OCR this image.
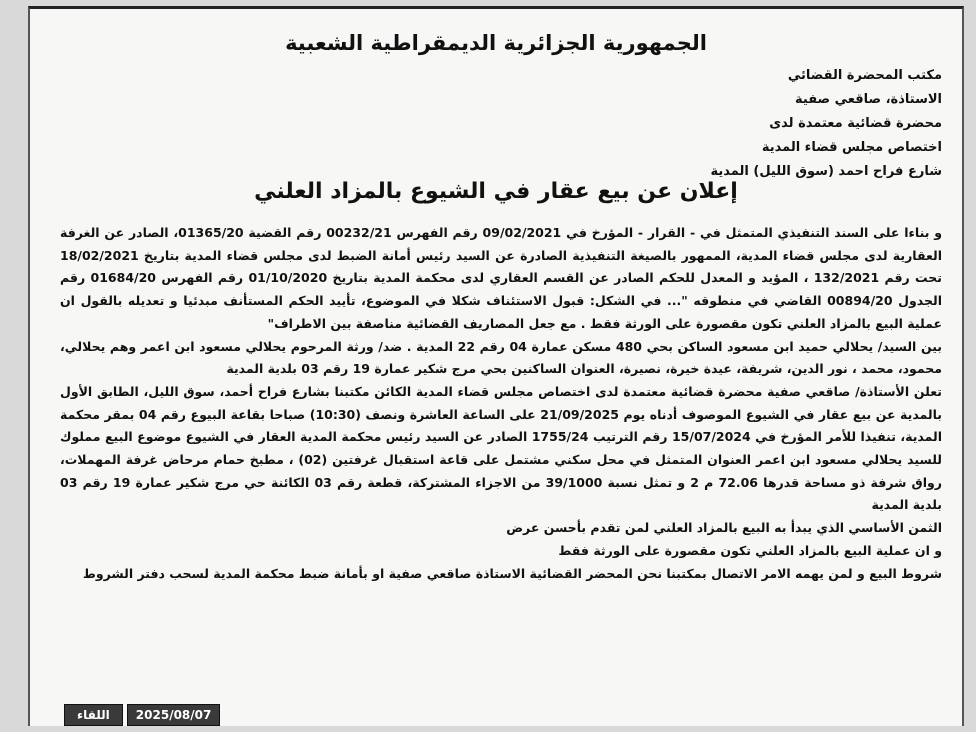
الجمهورية الجزائرية الديمقراطية الشعبية
مكتب المحضرة القضائي
الاستاذة، صاقعي صفية
محضرة قضائية معتمدة لدى
اختصاص مجلس قضاء المدية
شارع فراح احمد (سوق الليل) المدية
إعلان عن بيع عقار في الشيوع بالمزاد العلني

و بناءا على السند التنفيذي المتمثل في - القرار - المؤرخ في 09/02/2021 رقم الفهرس 00232/21 رقم القضية 01365/20، الصادر عن الغرفة العقارية لدى مجلس قضاء المدية، الممهور بالصيغة التنفيذية الصادرة عن السيد رئيس أمانة الضبط لدى مجلس قضاء المدية بتاريخ 18/02/2021 تحت رقم 132/2021 ، المؤيد و المعدل للحكم الصادر عن القسم العقاري لدى محكمة المدية بتاريخ 01/10/2020 رقم الفهرس 01684/20 رقم الجدول 00894/20 القاضي في منطوقه "... في الشكل: قبول الاستئناف شكلا في الموضوع، تأييد الحكم المستأنف مبدئيا و تعديله بالقول ان عملية البيع بالمزاد العلني تكون مقصورة على الورثة فقط . مع جعل المصاريف القضائية مناصفة بين الاطراف"

بين السيد/ يحلالي حميد ابن مسعود الساكن بحي 480 مسكن عمارة 04 رقم 22 المدية . ضد/ ورثة المرحوم يحلالي مسعود ابن اعمر وهم يحلالي، محمود، محمد ، نور الدين، شريفة، عيدة خيرة، نصيرة، العنوان الساكنين بحي مرج شكير عمارة 19 رقم 03 بلدية المدية

تعلن الأستاذة/ صاقعي صفية محضرة قضائية معتمدة لدى اختصاص مجلس قضاء المدية الكائن مكتبنا بشارع فراح أحمد، سوق الليل، الطابق الأول بالمدية عن بيع عقار في الشيوع الموصوف أدناه يوم 21/09/2025 على الساعة العاشرة ونصف (10:30) صباحا بقاعة البيوع رقم 04 بمقر محكمة المدية، تنفيذا للأمر المؤرخ في 15/07/2024 رقم الترتيب 1755/24 الصادر عن السيد رئيس محكمة المدية العقار في الشيوع موضوع البيع مملوك للسيد يحلالي مسعود ابن اعمر العنوان المتمثل في محل سكني مشتمل على قاعة استقبال غرفتين (02) ، مطبخ حمام مرحاض غرفة المهملات، رواق شرفة ذو مساحة قدرها 72.06 م 2 و تمثل نسبة 39/1000 من الاجزاء المشتركة، قطعة رقم 03 الكائنة حي مرج شكير عمارة 19 رقم 03 بلدية المدية

الثمن الأساسي الذي يبدأ به البيع بالمزاد العلني لمن تقدم بأحسن عرض

و ان عملية البيع بالمزاد العلني تكون مقصورة على الورثة فقط

شروط البيع و لمن يهمه الامر الاتصال بمكتبنا نحن المحضر القضائية الاستاذة صاقعي صفية او بأمانة ضبط محكمة المدية لسحب دفتر الشروط

اللقاء	2025/08/07
